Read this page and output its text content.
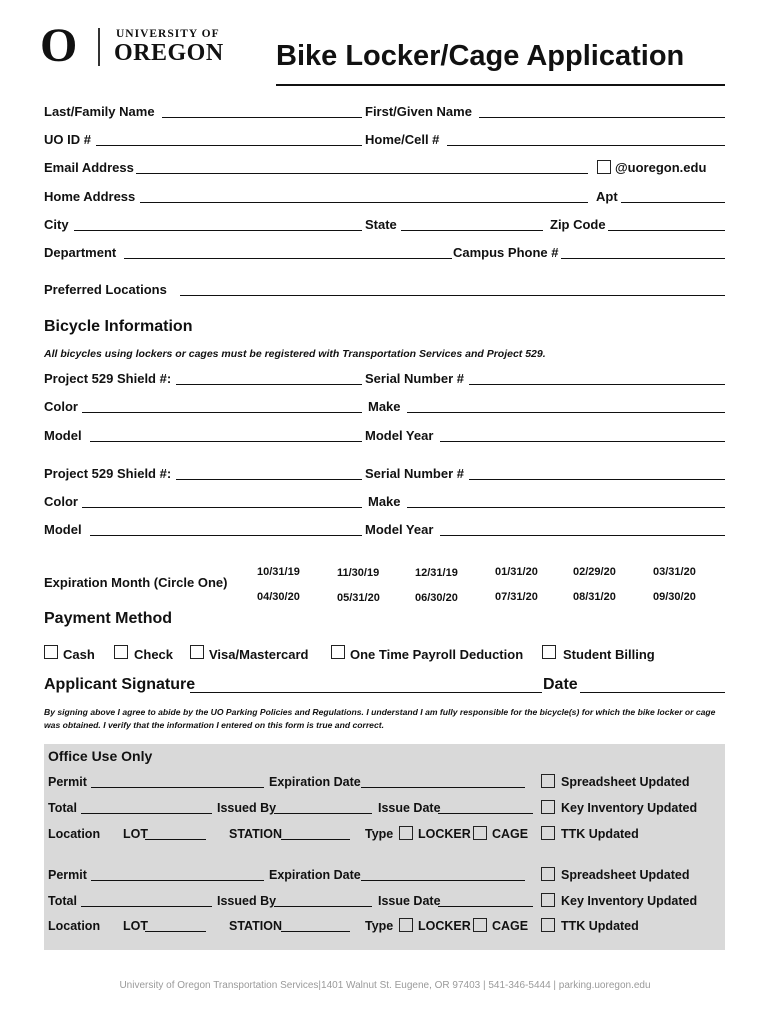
O	UNIVERSITY OF
OREGON Bike Locker/Cage Application
Last/Family Name	First/Given Name
UO ID #	Home/Cell #
Email Address	@uoregon.edu
Home Address	Apt
City	State	Zip Code
Department	Campus Phone #
Preferred Locations
Bicycle Information
All bicycles using lockers or cages must be registered with Transportation Services and Project 529.
Project 529 Shield #:	Serial Number #
Color	Make
Model	Model Year
Project 529 Shield #:	Serial Number #
Color	Make
Model	Model Year
Expiration Month (Circle One)
10/31/19	11/30/19	12/31/19	01/31/20	02/29/20	03/31/20
04/30/20	05/31/20	06/30/20	07/31/20	08/31/20	09/30/20
Payment Method
Cash	Check	Visa/Mastercard	One Time Payroll Deduction	Student Billing
Applicant Signature	Date
By signing above I agree to abide by the UO Parking Policies and Regulations. I understand I am fully responsible for the bicycle(s) for which the bike locker or cage
was obtained. I verify that the information I entered on this form is true and correct.
Office Use Only
Permit	Expiration Date	Spreadsheet Updated
Total	Issued By	Issue Date	Key Inventory Updated
Location LOT	STATION	Type LOCKER CAGE	TTK Updated
Permit	Expiration Date	Spreadsheet Updated
Total	Issued By	Issue Date	Key Inventory Updated
Location LOT	STATION	Type LOCKER CAGE	TTK Updated
University of Oregon Transportation Services|1401 Walnut St. Eugene, OR 97403 | 541-346-5444 | parking.uoregon.edu
